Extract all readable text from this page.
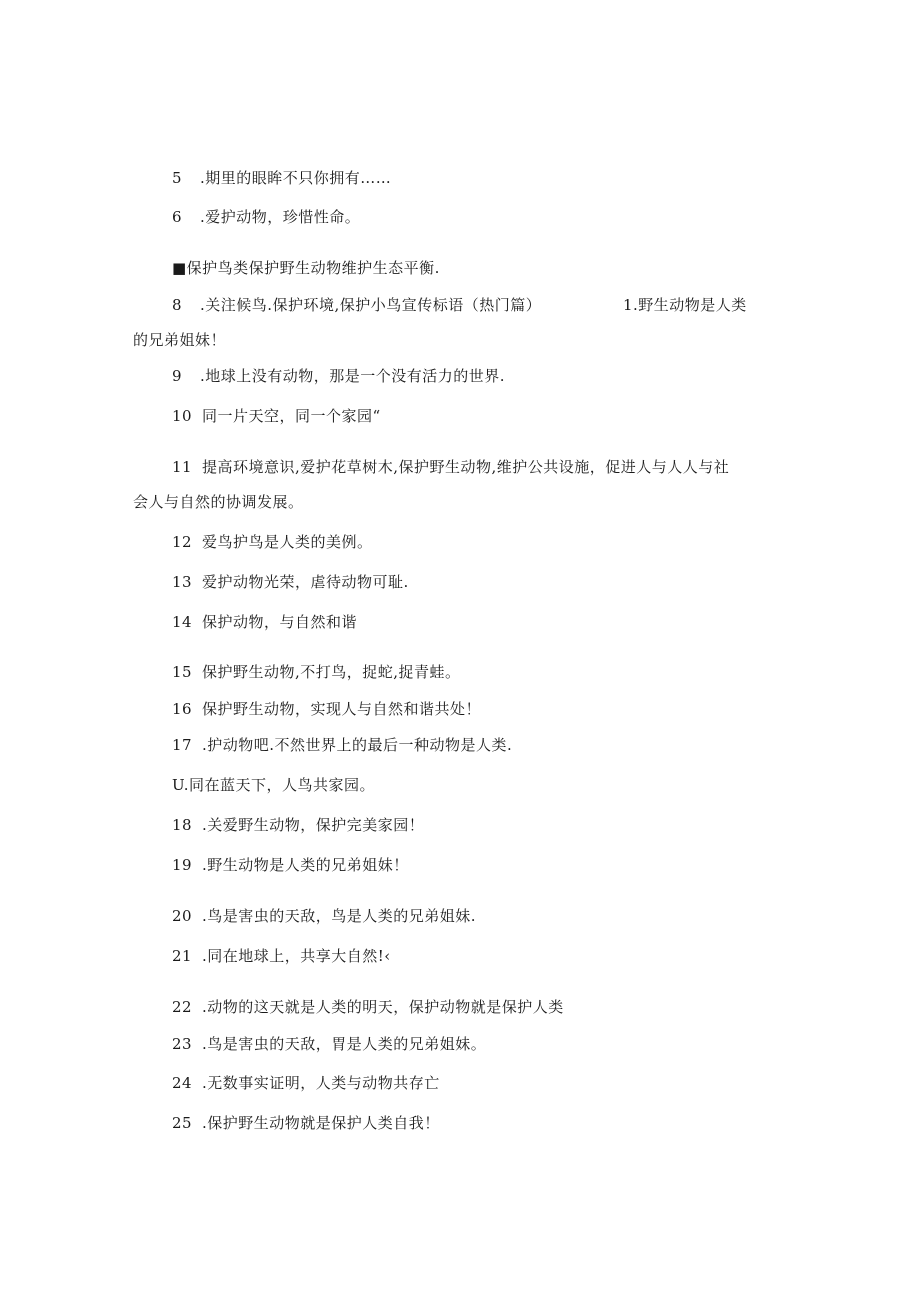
5 .期里的眼眸不只你拥有……
6 .爱护动物，珍惜性命。
■保护鸟类保护野生动物维护生态平衡.
8 .关注候鸟.保护环境,保护小鸟宣传标语（热门篇）	1.野生动物是人类
的兄弟姐妹！
9 .地球上没有动物，那是一个没有活力的世界.
10 同一片天空，同一个家园“
11 提高环境意识,爱护花草树木,保护野生动物,维护公共设施，促进人与人人与社
会人与自然的协调发展。
12 爱鸟护鸟是人类的美例。
13 爱护动物光荣，虐待动物可耻.
14 保护动物，与自然和谐
15 保护野生动物,不打鸟，捉蛇,捉青蛙。
16 保护野生动物，实现人与自然和谐共处！
17 .护动物吧.不然世界上的最后一种动物是人类.
U.同在蓝天下，人鸟共家园。
18 .关爱野生动物，保护完美家园！
19 .野生动物是人类的兄弟姐妹！
20 .鸟是害虫的天敌，鸟是人类的兄弟姐妹.
21 .同在地球上，共享大自然!‹
22 .动物的这天就是人类的明天，保护动物就是保护人类
23 .鸟是害虫的天敌，胃是人类的兄弟姐妹。
24 .无数事实证明，人类与动物共存亡
25 .保护野生动物就是保护人类自我！
